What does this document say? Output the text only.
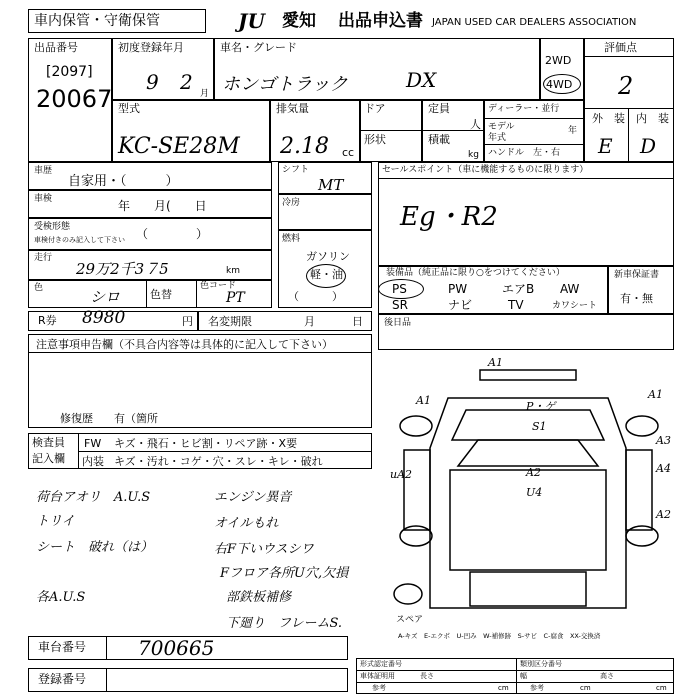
車内保管・守衛保管	JU	愛知 出品申込書 JAPAN USED CAR DEALERS ASSOCIATION
出品番号
[2097]
20067
初度登録年月
9 2 月
車名・グレード
ホンゴトラック	DX
2WD
4WD
評価点
2
外　装 内　装
E D
型式
KC-SE28M
排気量
2.18 cc
ドア
形状
定員
人
積載
kg
ディーラー・並行
モデル年式
年
ハンドル　左・右
車歴
自家用・（　　　）
車検	年　　月(　　日
受検形態
車検付きのみ記入して下さい （　　　　）
走行
29万2千3７5	km
色	シロ	色替
色コード
PT
シフト
MT
冷房
燃料
ガソリン
軽・油
（　　　）
セールスポイント（車に機能するものに限ります）
Eg・R2
装備品（純正品に限り○をつけてください）
PS	PW	エアB AW
SR	ナビ	TV	カワシート
新車保証書
有・無
R券 8980	円 名変期限	月	日 後日品
注意事項申告欄（不具合内容等は具体的に記入して下さい）
修復歴 有（箇所
検査員
記入欄
FW キズ・飛石・ヒビ割・リペア跡・X要
内装 キズ・汚れ・コゲ・穴・スレ・キレ・破れ
荷台アオリ　A.U.S
トリイ
シート　破れ（は）
各A.U.S
エンジン異音
オイルもれ
右F下いウスシワ
Fフロア各所U穴,欠損
部鉄板補修
下廻り　フレームS.
A1
A1	A1
A3
A4
A2
uA2
P・ゲ
S1
A2
U4
スペア
A-キズ　E-エクボ　U-凹み　W-補修跡　S-サビ　C-腐食　XX-交換済
車台番号	700665
登録番号
形式認定番号	類別区分番号
車体証明用	長さ	幅	高さ
参考	参考
cm	cm	cm
